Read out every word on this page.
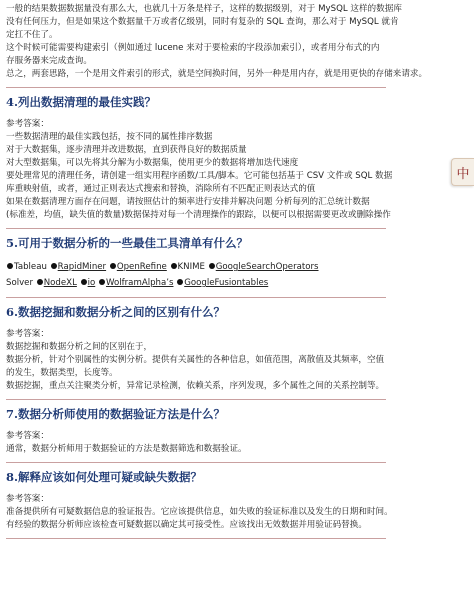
一般的结果数据数据量没有那么大，也就几十万条是样子，这样的数据级别，对于 MySQL 这样的数据库

没有任何压力，但是如果这个数据量千万或者亿级别，同时有复杂的 SQL 查询，那么对于 MySQL 就肯

定扛不住了。

这个时候可能需要构建索引（例如通过 lucene 来对于要检索的字段添加索引），或者用分布式的内

存服务器来完成查询。

总之，两套思路，一个是用文件索引的形式，就是空间换时间，另外一种是用内存，就是用更快的存储来请求。

4.列出数据清理的最佳实践？

参考答案：

一些数据清理的最佳实践包括，按不同的属性排序数据

对于大数据集，逐步清理并改进数据，直到获得良好的数据质量

对大型数据集，可以先将其分解为小数据集，使用更少的数据将增加迭代速度

要处理常见的清理任务，请创建一组实用程序函数/工具/脚本。它可能包括基于 CSV 文件或 SQL 数据

库重映射值，或者，通过正则表达式搜索和替换，消除所有不匹配正则表达式的值

如果在数据清理方面存在问题，请按照估计的频率进行安排并解决问题 分析每列的汇总统计数据

(标准差，均值，缺失值的数量)数据保持对每一个清理操作的跟踪，以便可以根据需要更改或删除操作

5.可用于数据分析的一些最佳工具清单有什么？

Tableau RapidMiner OpenRefine KNIME GoogleSearchOperators

Solver NodeXL io WolframAlpha’s GoogleFusiontables

6.数据挖掘和数据分析之间的区别有什么？

参考答案：

数据挖掘和数据分析之间的区别在于，

数据分析，针对个别属性的实例分析。提供有关属性的各种信息，如值范围，离散值及其频率，空值

的发生，数据类型，长度等。

数据挖掘，重点关注聚类分析，异常记录检测，依赖关系，序列发现，多个属性之间的关系控制等。

7.数据分析师使用的数据验证方法是什么？

参考答案：

通常，数据分析师用于数据验证的方法是数据筛选和数据验证。

8.解释应该如何处理可疑或缺失数据？

参考答案：

准备提供所有可疑数据信息的验证报告。它应该提供信息，如失败的验证标准以及发生的日期和时间。

有经验的数据分析师应该检查可疑数据以确定其可接受性。应该找出无效数据并用验证码替换。

中
